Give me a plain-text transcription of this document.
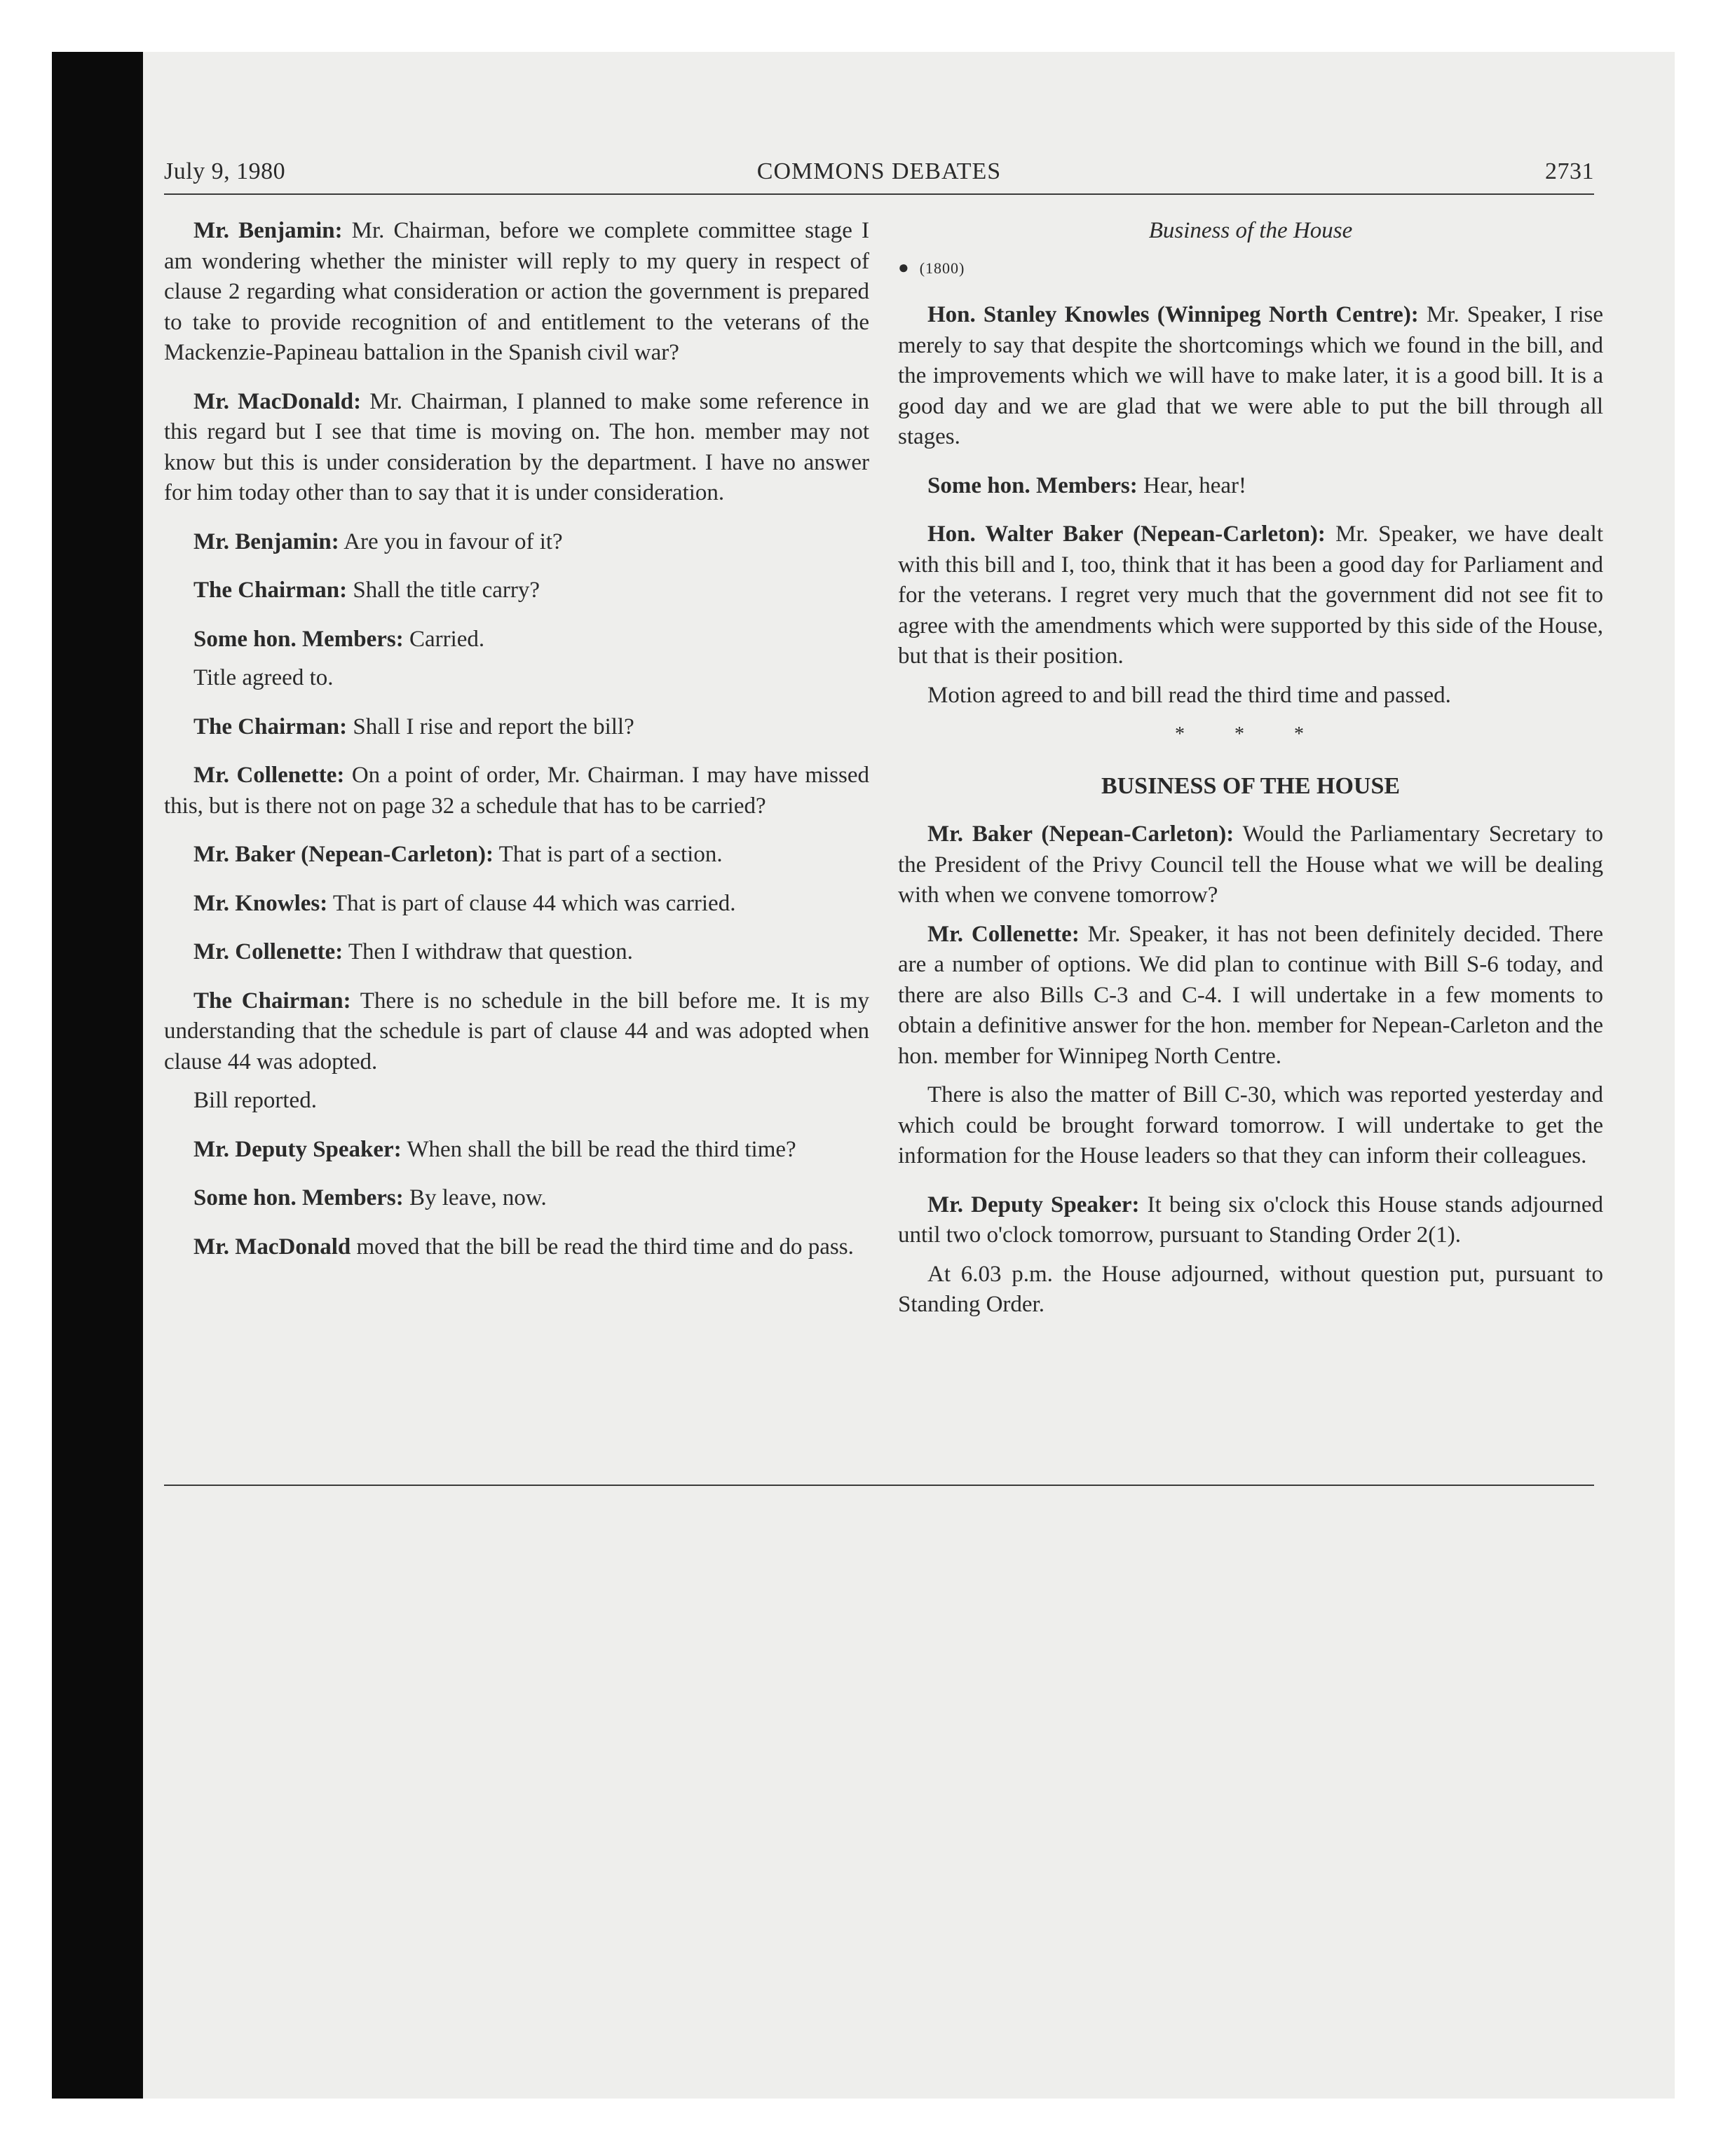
July 9, 1980	COMMONS DEBATES	2731

Mr. Benjamin: Mr. Chairman, before we complete committee stage I am wondering whether the minister will reply to my query in respect of clause 2 regarding what consideration or action the government is prepared to take to provide recognition of and entitlement to the veterans of the Mackenzie-Papineau battalion in the Spanish civil war?

Mr. MacDonald: Mr. Chairman, I planned to make some reference in this regard but I see that time is moving on. The hon. member may not know but this is under consideration by the department. I have no answer for him today other than to say that it is under consideration.

Mr. Benjamin: Are you in favour of it?

The Chairman: Shall the title carry?

Some hon. Members: Carried.

Title agreed to.

The Chairman: Shall I rise and report the bill?

Mr. Collenette: On a point of order, Mr. Chairman. I may have missed this, but is there not on page 32 a schedule that has to be carried?

Mr. Baker (Nepean-Carleton): That is part of a section.

Mr. Knowles: That is part of clause 44 which was carried.

Mr. Collenette: Then I withdraw that question.

The Chairman: There is no schedule in the bill before me. It is my understanding that the schedule is part of clause 44 and was adopted when clause 44 was adopted.

Bill reported.

Mr. Deputy Speaker: When shall the bill be read the third time?

Some hon. Members: By leave, now.

Mr. MacDonald moved that the bill be read the third time and do pass.

Business of the House
● (1800)

Hon. Stanley Knowles (Winnipeg North Centre): Mr. Speaker, I rise merely to say that despite the shortcomings which we found in the bill, and the improvements which we will have to make later, it is a good bill. It is a good day and we are glad that we were able to put the bill through all stages.

Some hon. Members: Hear, hear!

Hon. Walter Baker (Nepean-Carleton): Mr. Speaker, we have dealt with this bill and I, too, think that it has been a good day for Parliament and for the veterans. I regret very much that the government did not see fit to agree with the amendments which were supported by this side of the House, but that is their position.

Motion agreed to and bill read the third time and passed.

* * *
BUSINESS OF THE HOUSE

Mr. Baker (Nepean-Carleton): Would the Parliamentary Secretary to the President of the Privy Council tell the House what we will be dealing with when we convene tomorrow?

Mr. Collenette: Mr. Speaker, it has not been definitely decided. There are a number of options. We did plan to continue with Bill S-6 today, and there are also Bills C-3 and C-4. I will undertake in a few moments to obtain a definitive answer for the hon. member for Nepean-Carleton and the hon. member for Winnipeg North Centre.

There is also the matter of Bill C-30, which was reported yesterday and which could be brought forward tomorrow. I will undertake to get the information for the House leaders so that they can inform their colleagues.

Mr. Deputy Speaker: It being six o'clock this House stands adjourned until two o'clock tomorrow, pursuant to Standing Order 2(1).

At 6.03 p.m. the House adjourned, without question put, pursuant to Standing Order.
